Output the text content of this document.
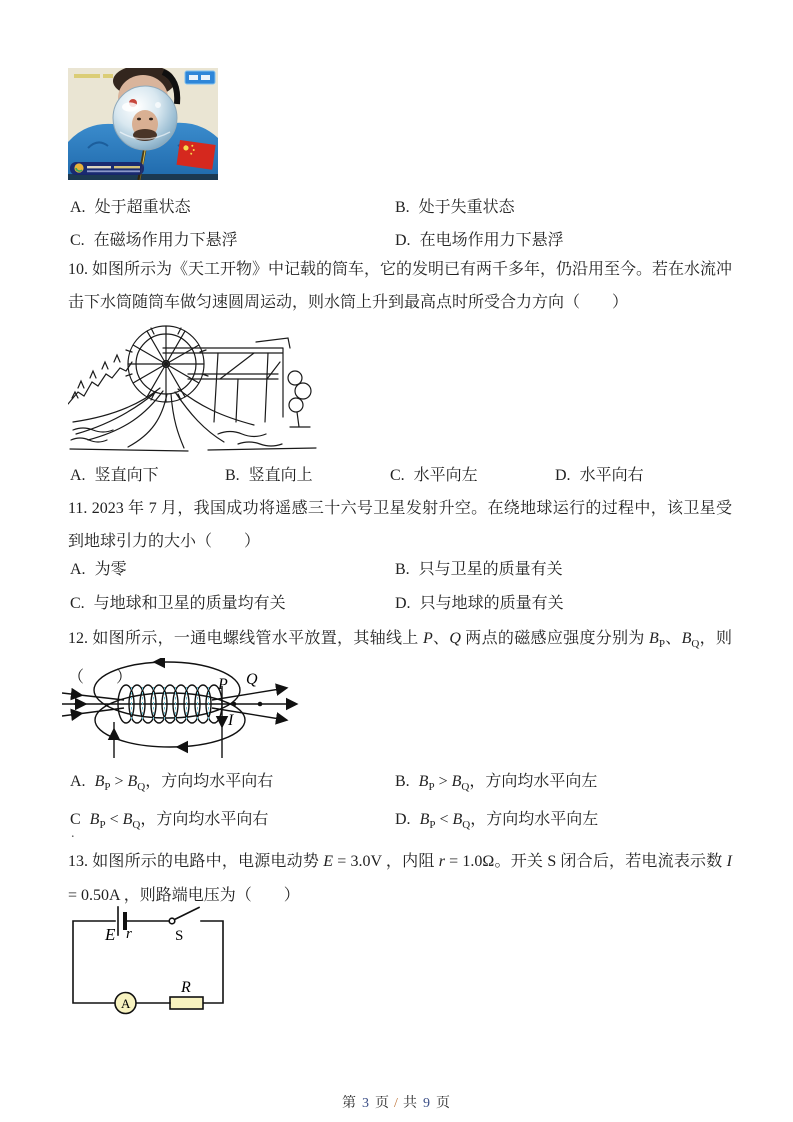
A. 处于超重状态	B. 处于失重状态
C. 在磁场作用力下悬浮	D. 在电场作用力下悬浮
10. 如图所示为《天工开物》中记载的筒车，它的发明已有两千多年，仍沿用至今。若在水流冲击下水筒随筒车做匀速圆周运动，则水筒上升到最高点时所受合力方向（　　）
A. 竖直向下	B. 竖直向上	C. 水平向左	D. 水平向右
11. 2023 年 7 月，我国成功将遥感三十六号卫星发射升空。在绕地球运行的过程中，该卫星受到地球引力的大小（　　）
A. 为零	B. 只与卫星的质量有关
C. 与地球和卫星的质量均有关	D. 只与地球的质量有关
12. 如图所示，一通电螺线管水平放置，其轴线上 P、Q 两点的磁感应强度分别为 $B_P$、$B_Q$，则（　　）	P Q
I
A. $B_P > B_Q$，方向均水平向右	B. $B_P > B_Q$，方向均水平向左
C $B_P < B_Q$，方向均水平向右	D. $B_P < B_Q$，方向均水平向左
.
13. 如图所示的电路中，电源电动势 E = 3.0V ，内阻 r = 1.0Ω。开关 S 闭合后，若电流表示数 I = 0.50A ，则路端电压为（　　）
E r	S
R
A
第 3 页 / 共 9 页
